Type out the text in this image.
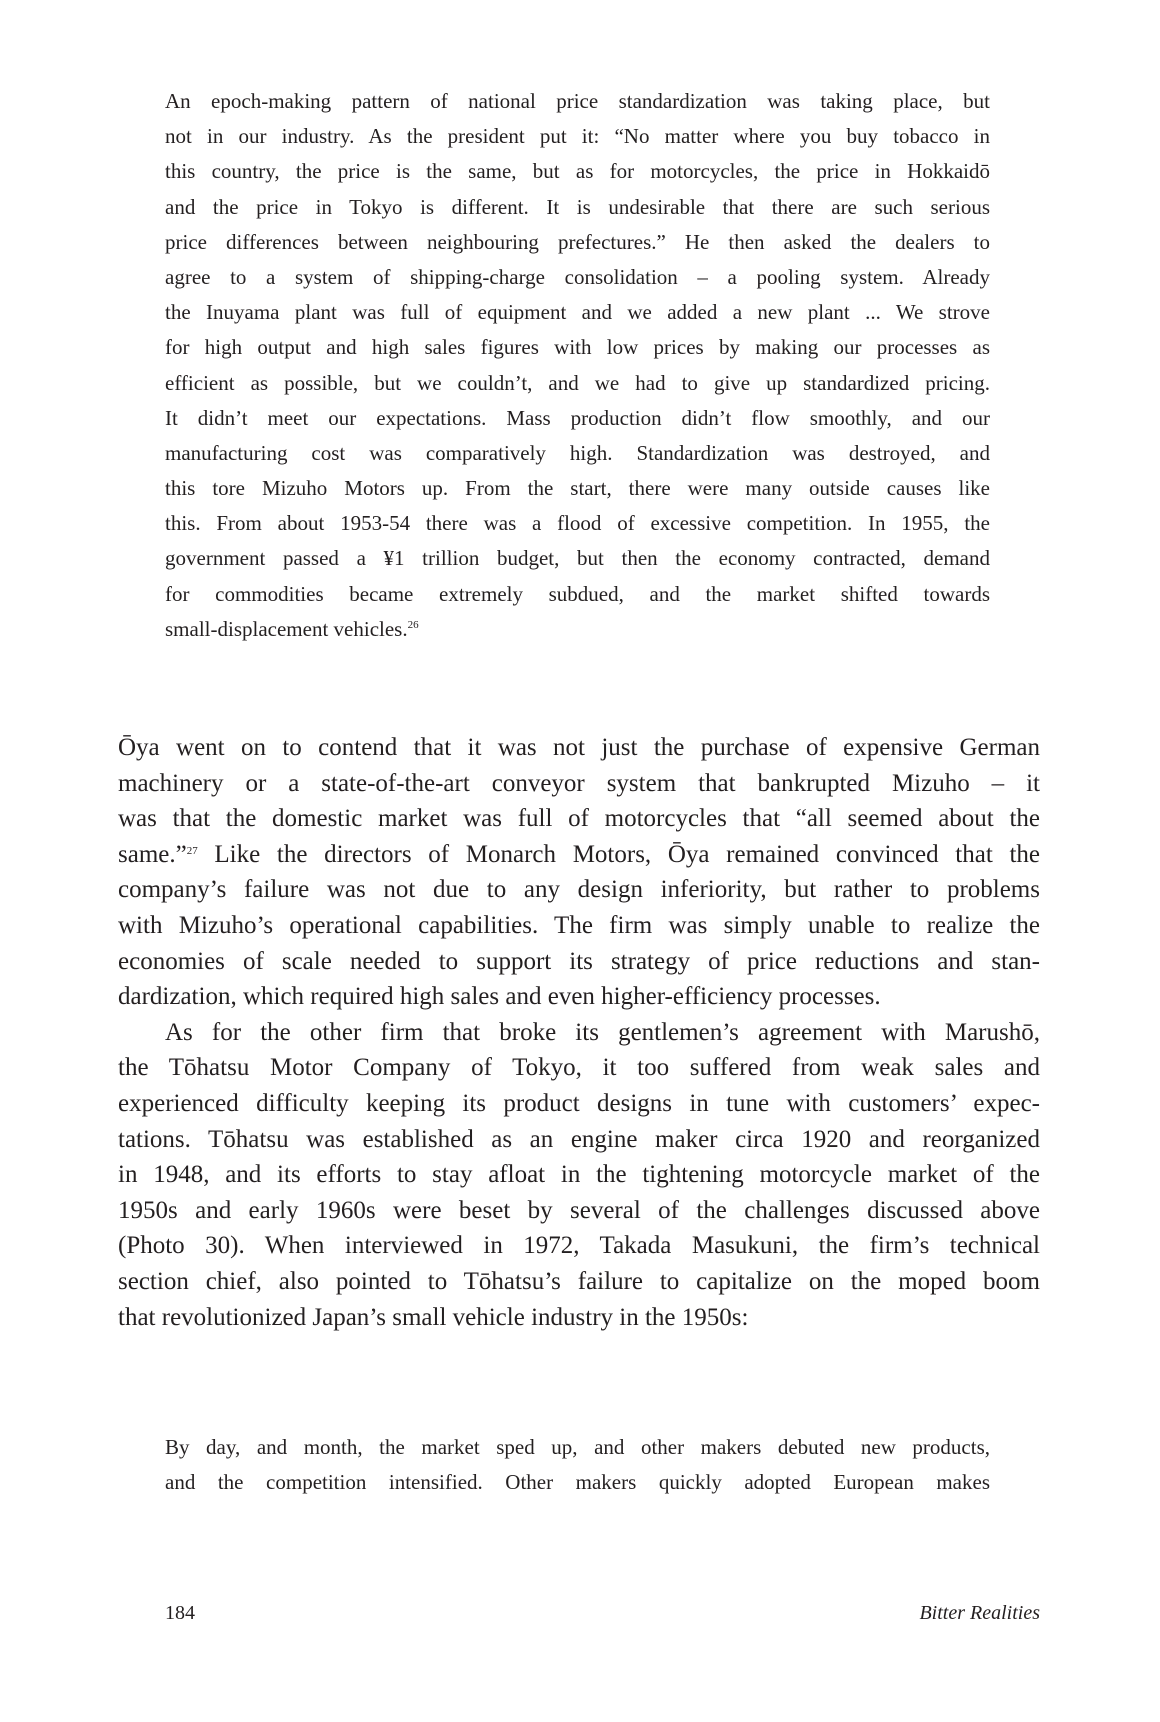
An epoch-making pattern of national price standardization was taking place, but
not in our industry. As the president put it: “No matter where you buy tobacco in
this country, the price is the same, but as for motorcycles, the price in Hokkaidō
and the price in Tokyo is different. It is undesirable that there are such serious
price differences between neighbouring prefectures.” He then asked the dealers to
agree to a system of shipping-charge consolidation – a pooling system. Already
the Inuyama plant was full of equipment and we added a new plant ... We strove
for high output and high sales figures with low prices by making our processes as
efficient as possible, but we couldn’t, and we had to give up standardized pricing.
It didn’t meet our expectations. Mass production didn’t flow smoothly, and our
manufacturing cost was comparatively high. Standardization was destroyed, and
this tore Mizuho Motors up. From the start, there were many outside causes like
this. From about 1953-54 there was a flood of excessive competition. In 1955, the
government passed a ¥1 trillion budget, but then the economy contracted, demand
for commodities became extremely subdued, and the market shifted towards
small-displacement vehicles.$^{26}$
Ōya went on to contend that it was not just the purchase of expensive German
machinery or a state-of-the-art conveyor system that bankrupted Mizuho – it
was that the domestic market was full of motorcycles that “all seemed about the
same.”$^{27}$ Like the directors of Monarch Motors, Ōya remained convinced that the
company’s failure was not due to any design inferiority, but rather to problems
with Mizuho’s operational capabilities. The firm was simply unable to realize the
economies of scale needed to support its strategy of price reductions and stan-
dardization, which required high sales and even higher-efficiency processes.
As for the other firm that broke its gentlemen’s agreement with Marushō,
the Tōhatsu Motor Company of Tokyo, it too suffered from weak sales and
experienced difficulty keeping its product designs in tune with customers’ expec-
tations. Tōhatsu was established as an engine maker circa 1920 and reorganized
in 1948, and its efforts to stay afloat in the tightening motorcycle market of the
1950s and early 1960s were beset by several of the challenges discussed above
(Photo 30). When interviewed in 1972, Takada Masukuni, the firm’s technical
section chief, also pointed to Tōhatsu’s failure to capitalize on the moped boom
that revolutionized Japan’s small vehicle industry in the 1950s:
By day, and month, the market sped up, and other makers debuted new products,
and the competition intensified. Other makers quickly adopted European makes
184	Bitter Realities
